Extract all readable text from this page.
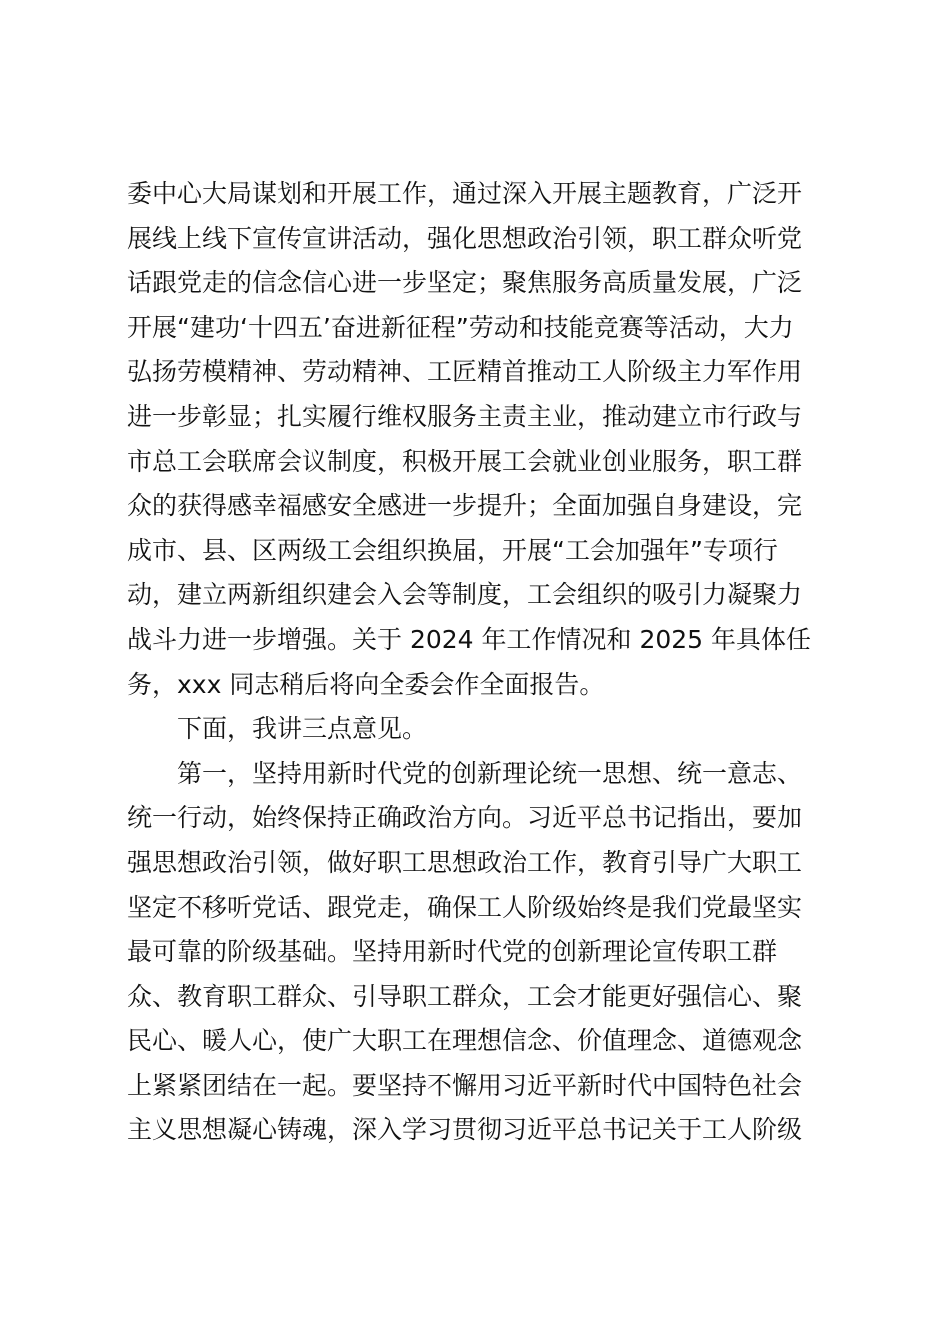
委中心大局谋划和开展工作，通过深入开展主题教育，广泛开
展线上线下宣传宣讲活动，强化思想政治引领，职工群众听党
话跟党走的信念信心进一步坚定；聚焦服务高质量发展，广泛
开展“建功‘十四五’奋进新征程”劳动和技能竞赛等活动，大力
弘扬劳模精神、劳动精神、工匠精首推动工人阶级主力军作用
进一步彰显；扎实履行维权服务主责主业，推动建立市行政与
市总工会联席会议制度，积极开展工会就业创业服务，职工群
众的获得感幸福感安全感进一步提升；全面加强自身建设，完
成市、县、区两级工会组织换届，开展“工会加强年”专项行
动，建立两新组织建会入会等制度，工会组织的吸引力凝聚力
战斗力进一步增强。关于 2024 年工作情况和 2025 年具体任
务，xxx 同志稍后将向全委会作全面报告。
下面，我讲三点意见。
第一，坚持用新时代党的创新理论统一思想、统一意志、
统一行动，始终保持正确政治方向。习近平总书记指出，要加
强思想政治引领，做好职工思想政治工作，教育引导广大职工
坚定不移听党话、跟党走，确保工人阶级始终是我们党最坚实
最可靠的阶级基础。坚持用新时代党的创新理论宣传职工群
众、教育职工群众、引导职工群众，工会才能更好强信心、聚
民心、暖人心，使广大职工在理想信念、价值理念、道德观念
上紧紧团结在一起。要坚持不懈用习近平新时代中国特色社会
主义思想凝心铸魂，深入学习贯彻习近平总书记关于工人阶级
